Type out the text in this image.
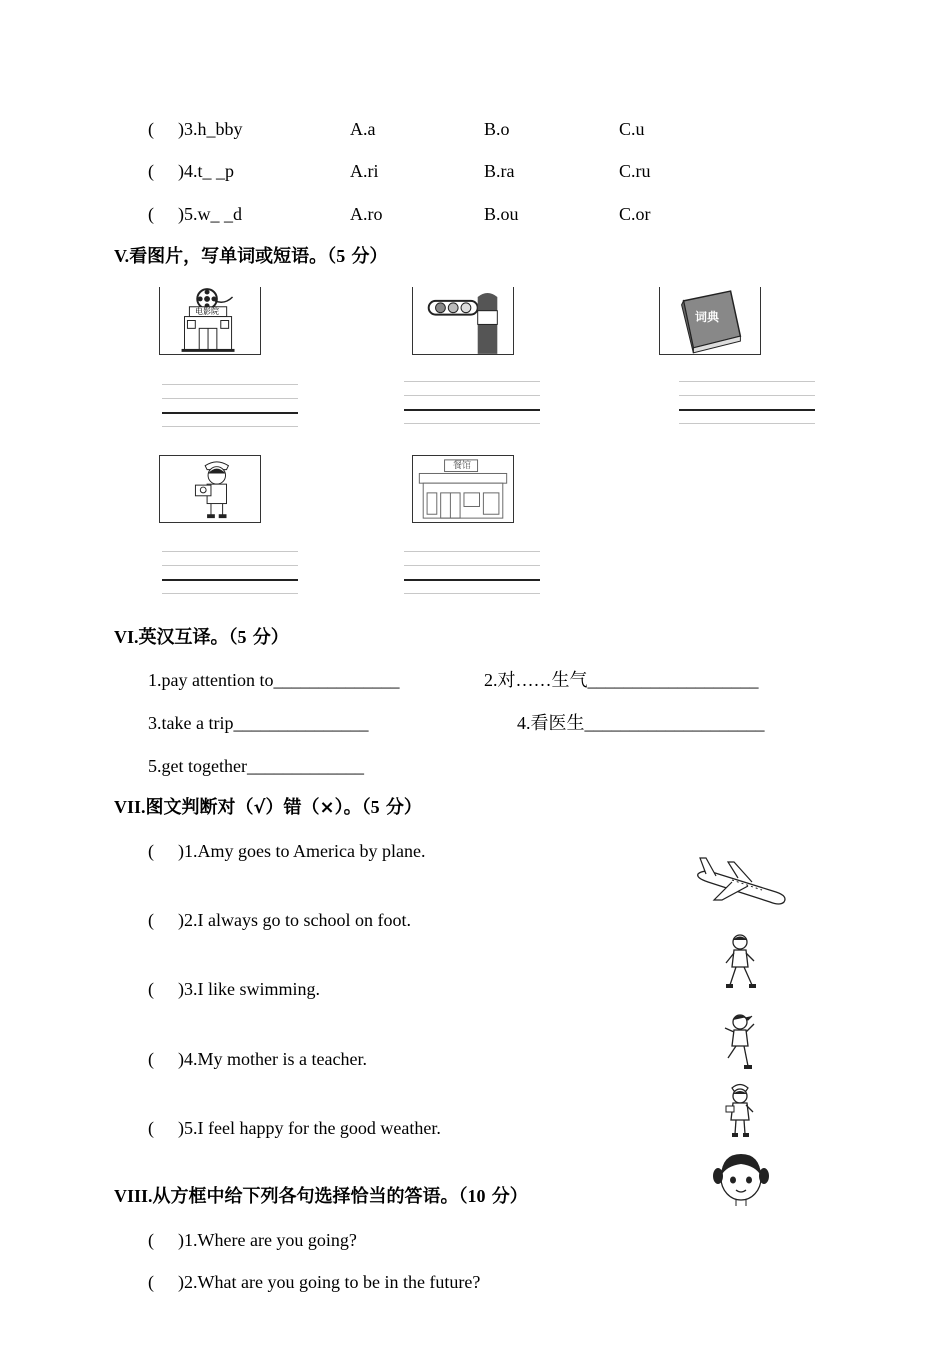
( )3.h_bby	A.a	B.o	C.u
( )4.t_ _p	A.ri	B.ra	C.ru
( )5.w_ _d	A.ro	B.ou	C.or
V.看图片，写单词或短语。（5 分）
电影院	词典
餐馆
VI.英汉互译。（5 分）
1.pay attention to______________	2.对……生气___________________
3.take a trip_______________	4.看医生____________________
5.get together_____________
VII.图文判断对（√）错（×）。（5 分）
( )1.Amy goes to America by plane.
( )2.I always go to school on foot.
( )3.I like swimming.
( )4.My mother is a teacher.
( )5.I feel happy for the good weather.
VIII.从方框中给下列各句选择恰当的答语。（10 分）
( )1.Where are you going?
( )2.What are you going to be in the future?
